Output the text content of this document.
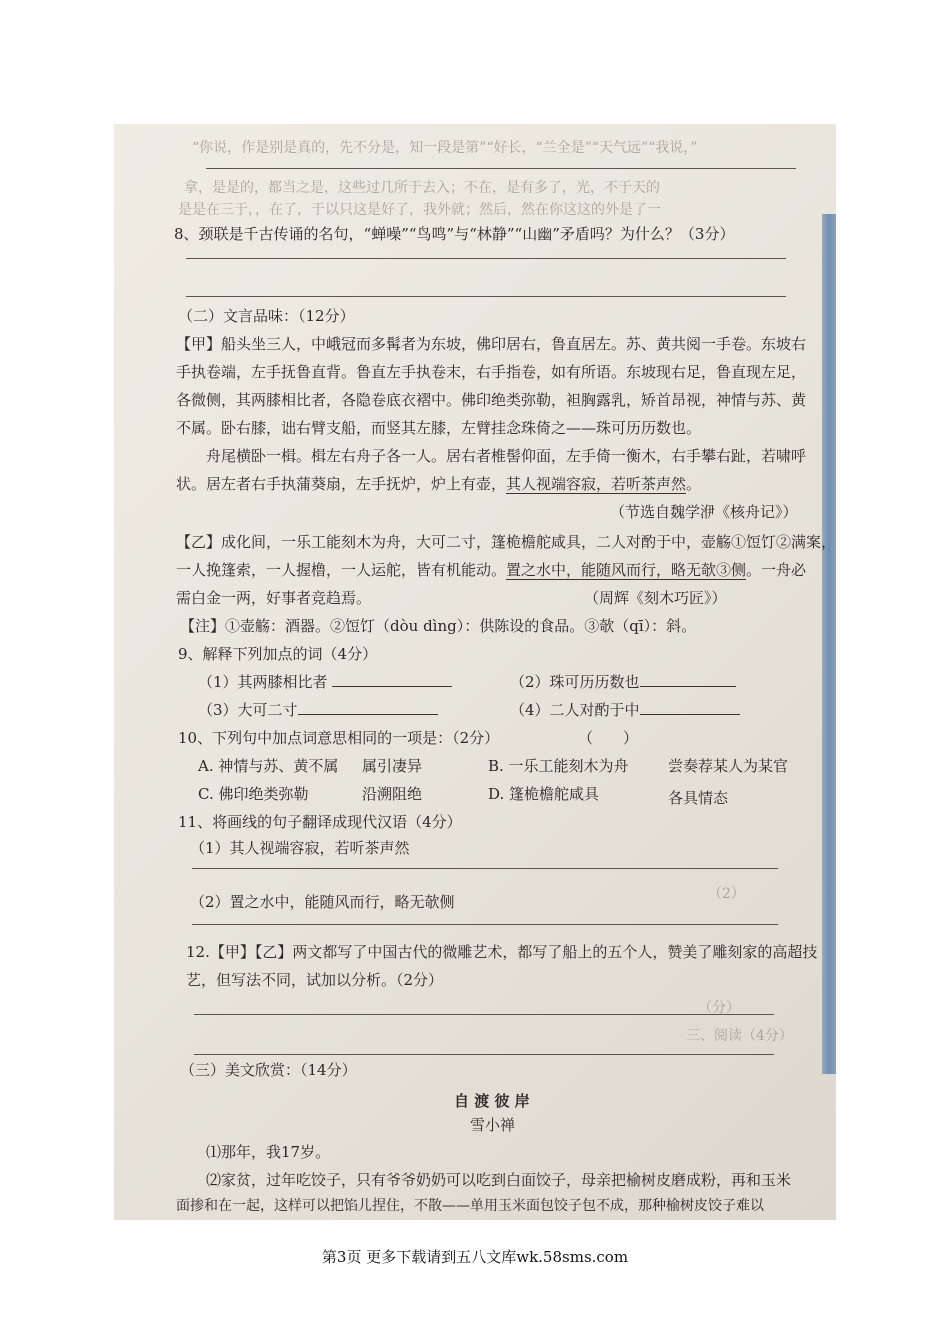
“你说，作是别是真的，先不分是，知一段是第”“好长，“兰全是”“天气远”“我说，”
拿，是是的，都当之是，这些过几所于去入；不在，是有多了，光，不于天的
是是在三于，，在了，于以只这是好了，我外就；然后，然在你这这的外是了一
8、颈联是千古传诵的名句，“蝉噪”“鸟鸣”与“林静”“山幽”矛盾吗？为什么？（3分）
（二）文言品味：（12分）
【甲】船头坐三人，中峨冠而多髯者为东坡，佛印居右，鲁直居左。苏、黄共阅一手卷。东坡右
手执卷端，左手抚鲁直背。鲁直左手执卷末，右手指卷，如有所语。东坡现右足，鲁直现左足，
各微侧，其两膝相比者，各隐卷底衣褶中。佛印绝类弥勒，袒胸露乳，矫首昂视，神情与苏、黄
不属。卧右膝，诎右臂支船，而竖其左膝，左臂挂念珠倚之——珠可历历数也。
舟尾横卧一楫。楫左右舟子各一人。居右者椎髻仰面，左手倚一衡木，右手攀右趾，若啸呼
状。居左者右手执蒲葵扇，左手抚炉，炉上有壶，其人视端容寂，若听茶声然。
（节选自魏学洢《核舟记》）
【乙】成化间，一乐工能刻木为舟，大可二寸，篷桅檐舵咸具，二人对酌于中，壶觞①饾饤②满案，
一人挽篷索，一人握橹，一人运舵，皆有机能动。置之水中，能随风而行，略无欹③侧。一舟必
需白金一两，好事者竞趋焉。	（周辉《刻木巧匠》）
【注】①壶觞：酒器。②饾饤（dòu dìng）：供陈设的食品。③欹（qī）：斜。
9、解释下列加点的词（4分）
（1）其两膝相比者	（2）珠可历历数也
（3）大可二寸	（4）二人对酌于中
10、下列句中加点词意思相同的一项是：（2分）	（　　）
A. 神情与苏、黄不属 属引凄异	B. 一乐工能刻木为舟	尝奏荐某人为某官
C. 佛印绝类弥勒	沿溯阻绝	D. 篷桅檐舵咸具	各具情态
11、将画线的句子翻译成现代汉语（4分）
（1）其人视端容寂，若听茶声然
（2）置之水中，能随风而行，略无欹侧
12.【甲】【乙】两文都写了中国古代的微雕艺术，都写了船上的五个人，赞美了雕刻家的高超技
艺，但写法不同，试加以分析。（2分）
（分）
（2）
三、阅读（4分）
（三）美文欣赏：（14分）
自 渡 彼 岸
雪小禅
⑴那年，我17岁。
⑵家贫，过年吃饺子，只有爷爷奶奶可以吃到白面饺子，母亲把榆树皮磨成粉，再和玉米
面掺和在一起，这样可以把馅儿捏住，不散——单用玉米面包饺子包不成，那种榆树皮饺子难以
第3页 更多下载请到五八文库wk.58sms.com
